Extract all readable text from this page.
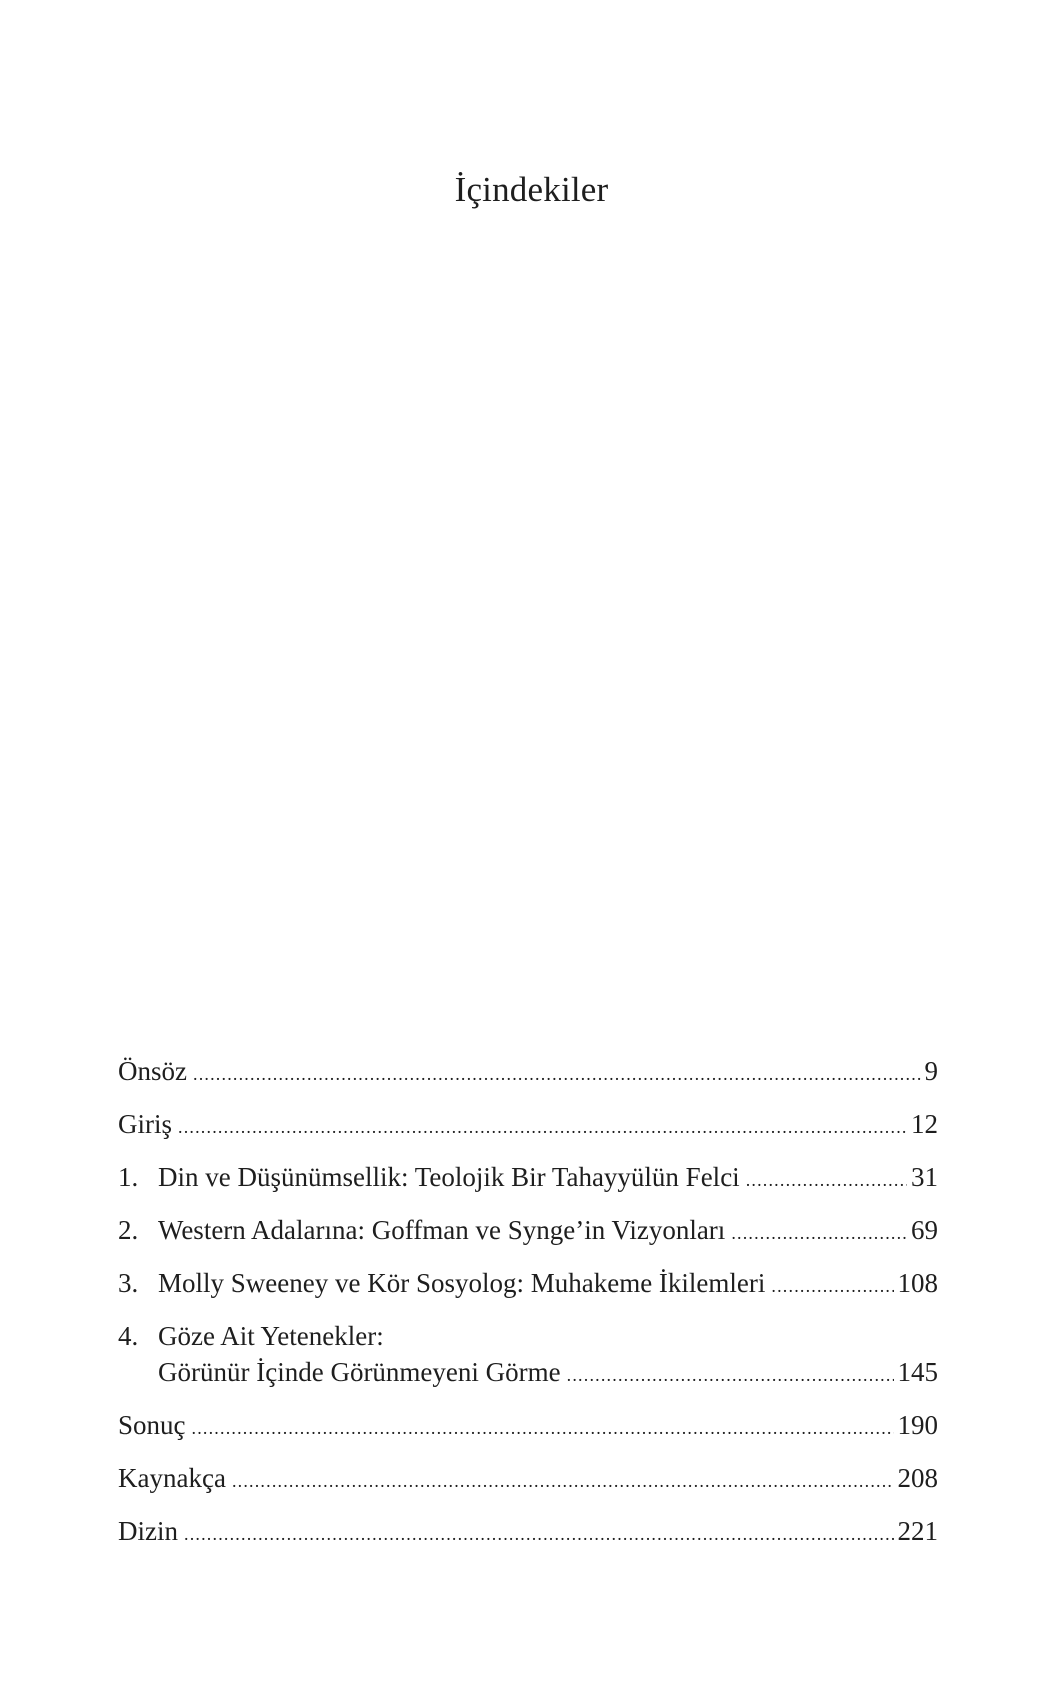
İçindekiler
Önsöz .....	9
Giriş .....	12
1. Din ve Düşünümsellik: Teolojik Bir Tahayyülün Felci .....	31
2. Western Adalarına: Goffman ve Synge’in Vizyonları .....	69
3. Molly Sweeney ve Kör Sosyolog: Muhakeme İkilemleri .....	108
4. Göze Ait Yetenekler:
Görünür İçinde Görünmeyeni Görme .....	145
Sonuç .....	190
Kaynakça .....	208
Dizin .....	221
